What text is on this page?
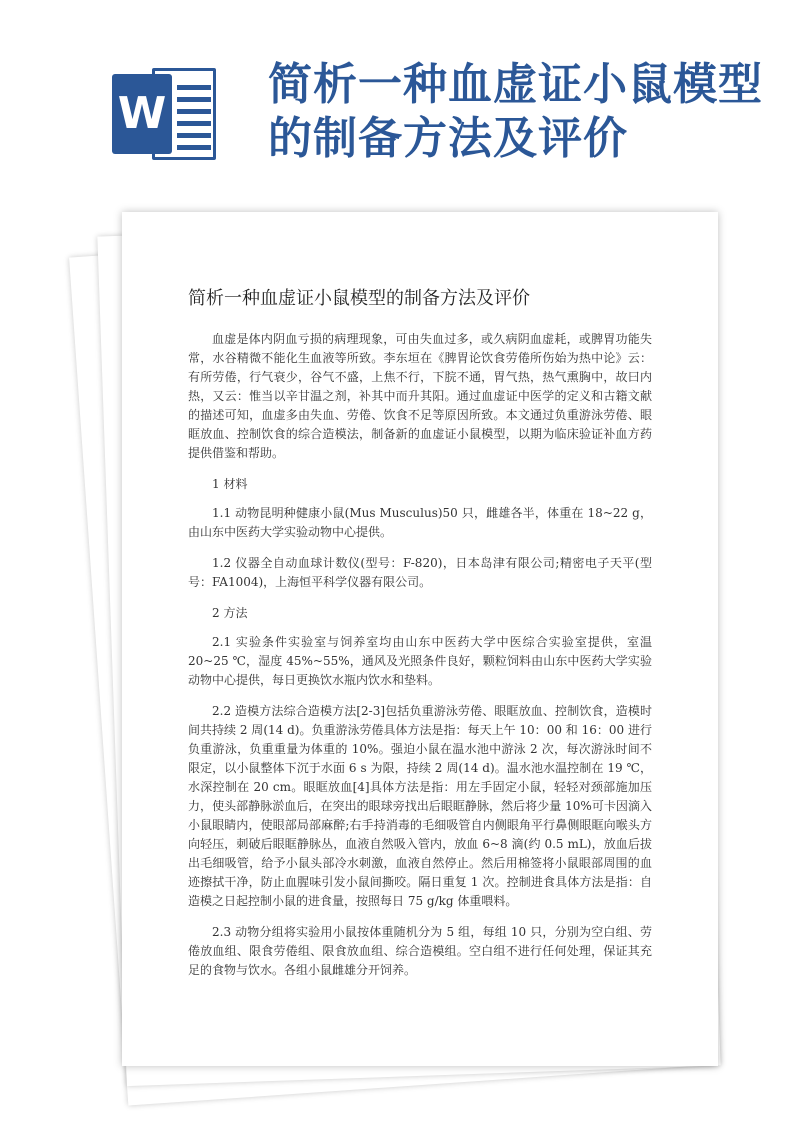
W
简析一种血虚证小鼠模型的制备方法及评价
简析一种血虚证小鼠模型的制备方法及评价

血虚是体内阴血亏损的病理现象，可由失血过多，或久病阴血虚耗，或脾胃功能失常，水谷精微不能化生血液等所致。李东垣在《脾胃论饮食劳倦所伤始为热中论》云：有所劳倦，行气衰少，谷气不盛，上焦不行，下脘不通，胃气热，热气熏胸中，故曰内热，又云：惟当以辛甘温之剂，补其中而升其阳。通过血虚证中医学的定义和古籍文献的描述可知，血虚多由失血、劳倦、饮食不足等原因所致。本文通过负重游泳劳倦、眼眶放血、控制饮食的综合造模法，制备新的血虚证小鼠模型，以期为临床验证补血方药提供借鉴和帮助。

1 材料

1.1 动物昆明种健康小鼠(Mus Musculus)50 只，雌雄各半，体重在 18~22 g，由山东中医药大学实验动物中心提供。

1.2 仪器全自动血球计数仪(型号：F-820)，日本岛津有限公司;精密电子天平(型号：FA1004)，上海恒平科学仪器有限公司。

2 方法

2.1 实验条件实验室与饲养室均由山东中医药大学中医综合实验室提供，室温 20~25 ℃，湿度 45%~55%，通风及光照条件良好，颗粒饲料由山东中医药大学实验动物中心提供，每日更换饮水瓶内饮水和垫料。

2.2 造模方法综合造模方法[2-3]包括负重游泳劳倦、眼眶放血、控制饮食，造模时间共持续 2 周(14 d)。负重游泳劳倦具体方法是指：每天上午 10：00 和 16：00 进行负重游泳，负重重量为体重的 10%。强迫小鼠在温水池中游泳 2 次，每次游泳时间不限定，以小鼠整体下沉于水面 6 s 为限，持续 2 周(14 d)。温水池水温控制在 19 ℃，水深控制在 20 cm。眼眶放血[4]具体方法是指：用左手固定小鼠，轻轻对颈部施加压力，使头部静脉淤血后，在突出的眼球旁找出后眼眶静脉，然后将少量 10%可卡因滴入小鼠眼睛内，使眼部局部麻醉;右手持消毒的毛细吸管自内侧眼角平行鼻侧眼眶向喉头方向轻压，刺破后眼眶静脉丛，血液自然吸入管内，放血 6~8 滴(约 0.5 mL)，放血后拔出毛细吸管，给予小鼠头部冷水刺激，血液自然停止。然后用棉签将小鼠眼部周围的血迹擦拭干净，防止血腥味引发小鼠间撕咬。隔日重复 1 次。控制进食具体方法是指：自造模之日起控制小鼠的进食量，按照每日 75 g/kg 体重喂料。

2.3 动物分组将实验用小鼠按体重随机分为 5 组，每组 10 只，分别为空白组、劳倦放血组、限食劳倦组、限食放血组、综合造模组。空白组不进行任何处理，保证其充足的食物与饮水。各组小鼠雌雄分开饲养。
